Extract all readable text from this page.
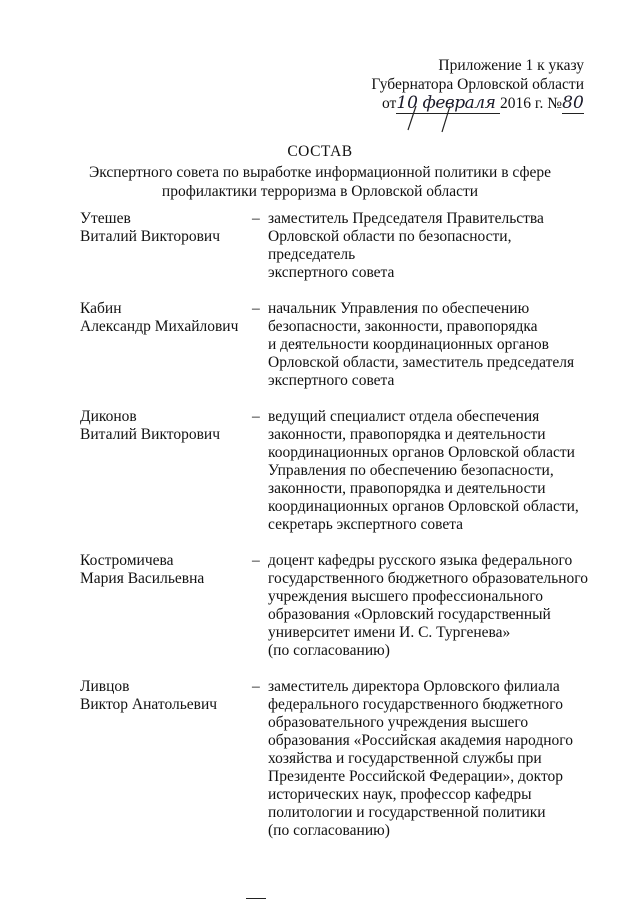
Приложение 1 к указу
Губернатора Орловской области
от 10 февраля 2016 г. № 80
СОСТАВ
Экспертного совета по выработке информационной политики в сфере
профилактики терроризма в Орловской области
Утешев
Виталий Викторович
– заместитель Председателя Правительства
Орловской области по безопасности, председатель
экспертного совета
Кабин
Александр Михайлович
– начальник Управления по обеспечению
безопасности, законности, правопорядка
и деятельности координационных органов
Орловской области, заместитель председателя
экспертного совета
Диконов
Виталий Викторович
– ведущий специалист отдела обеспечения
законности, правопорядка и деятельности
координационных органов Орловской области
Управления по обеспечению безопасности,
законности, правопорядка и деятельности
координационных органов Орловской области,
секретарь экспертного совета
Костромичева
Мария Васильевна
– доцент кафедры русского языка федерального
государственного бюджетного образовательного
учреждения высшего профессионального
образования «Орловский государственный
университет имени И. С. Тургенева»
(по согласованию)
Ливцов
Виктор Анатольевич
– заместитель директора Орловского филиала
федерального государственного бюджетного
образовательного учреждения высшего
образования «Российская академия народного
хозяйства и государственной службы при
Президенте Российской Федерации», доктор
исторических наук, профессор кафедры
политологии и государственной политики
(по согласованию)
